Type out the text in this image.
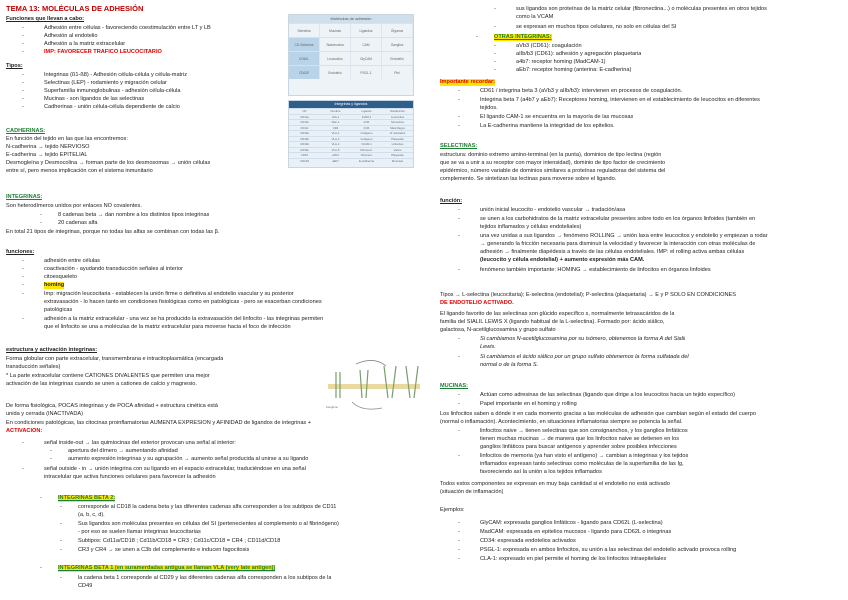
TEMA 13: MOLÉCULAS DE ADHESIÓN
Funciones que llevan a cabo:
-	Adhesión entre células - favoreciendo coestimulación entre LT y LB
-	Adhesión al endotelio
-	Adhesión a la matriz extracelular
-	IMP: FAVORECER TRÁFICO LEUCOCITARIO
Tipos:
-	Integrinas (ß1-ß8) - Adhesión célula-célula y célula-matriz
-	Selectinas (LEP) - rodamiento y migración celular
-	Superfamilia inmunoglobulinas - adhesión célula-célula
-	Mucinas - son ligandos de las selectinas
-	Cadherinas - unión célula-célula dependiente de calcio
CADHERINAS:
En función del tejido en las que las encontremos:
N-cadherina → tejido NERVIOSO
E-cadherina → tejido EPITELIAL
Desmogleína y Desmocolina → forman parte de los desmosomas → unión células
entre sí, pero menos implicación con el sistema inmunitario
INTEGRINAS:
Son heterodímeros unidos por enlaces NO covalentes.
-	8 cadenas beta → dan nombre a los distintos tipos integrinas
-	20 cadenas alfa
En total 21 tipos de integrinas, porque no todas las alfas se combinan con todas las β.
funciones:
-	adhesión entre células
-	coactivación - ayudando transducción señales al interior
-	citoesqueleto
-	homing
-	Imp: migración leucocitaria - establecen la unión firme o definitiva al endotelio vascular y su posterior
extravasación - lo hacen tanto en condiciones fisiológicas como en patológicas - pero se exacerban condiciones
patológicas
-	adhesión a la matriz extracelular - una vez se ha producido la extravasación del linfocito - las integrinas permiten
que el linfocito se una a moléculas de la matriz extracelular para moverse hacia el foco de infección
estructura y activación integrinas:
Forma globular con parte extracelular, transmembrana e intracitoplasmática (encargada
transducción señales)
* La parte extracelular contiene CATIONES DIVALENTES que permiten una mejor
activación de las integrinas cuando se unen a cationes de calcio y magnesio.
De forma fisiológica, POCAS integrinas y de POCA afinidad + estructura cinética está
unida y cerrada (INACTIVADA)
En condiciones patológicas, las citocinas proinflamatorias AUMENTA EXPRESIÓN y AFINIDAD de ligandos de integrinas +
ACTIVACIÓN:
-	señal inside-out → las quimiocinas del exterior provocan una señal al interior:
-	apertura del dímero → aumentando afinidad
-	aumento expresión integrinas y su agrupación → aumento señal producida al unirse a su ligando
-	señal outside - in → unión integrina con su ligando en el espacio extracelular, traduciéndose en una señal
intracelular que activa funciones celulares para favorecer la adhesión
-	INTEGRINAS BETA 2:
-	corresponde al CD18 la cadena beta y las diferentes cadenas alfa corresponden a los subtipos de CD11
(a, b, c, d).
-	Sus ligandos son moléculas presentes en células del SI (pertenecientes al complemento o al fibrinógeno)
- por eso se suelen llamar integrinas leucocitarias
-	Subtipos: Cd11a/CD18 ; Cd11b/CD18 = CR3 ; Cd11c/CD18 = CR4 ; CD11d/CD18
-	CR3 y CR4 → se unen a C3b del complemento e inducen fagocitosis
-	INTEGRINAS BETA 1 (en suramerdadas antigua se llaman VLA (very late antigen))
-	la cadena beta 1 corresponde al CD29 y las diferentes cadenas alfa corresponden a los subtipos de la
CD49
-	sus ligandos son proteínas de la matriz celular (fibronectina...) o moléculas presentes en otros tejidos
como la VCAM
-	se expresan en muchos tipos celulares, no solo en células del SI
-	OTRAS INTEGRINAS:
-	aVb3 (CD61): coagulación
-	aIIb/b3 (CD61): adhesión y agregación plaquetaria
-	a4b7: receptor homing (MadCAM-1)
-	aEb7: receptor homing (anterina: E-cadherina)
Importante recordar:
-	CD61 / integrina beta 3 (aVb3 y aIIb/b3): intervienen en procesos de coagulación.
-	Integrina beta 7 (a4b7 y aEb7): Receptores homing, intervienen en el establecimiento de leucocitos en diferentes
tejidos.
-	El ligando CAM-1 se encuentra en la mayoría de las mucosas
-	La E-cadherina mantiene la integridad de los epitelios.
SELECTINAS:
estructura: dominio extremo amino-terminal (en la punta), dominios de tipo lectina (región
que se va a unir a su receptor con mayor intensidad), dominio de tipo factor de crecimiento
epidérmico, número variable de dominios similares a proteínas reguladoras del sistema del
complemento. Se sintetizan las lectinas para moverse sobre el ligando.
función:
-	unión inicial leucocito - endotelio vascular → tradación/asa
-	se unen a los carbohidratos de la matriz extracelular presentes sobre todo en los órganos linfoides (también en
tejidos inflamados y células endoteliales)
-	una vez unidas a sus ligandos → fenómeno ROLLING → unión laxa entre leucocitos y endotelio y empiezan a rodar
→ generando la fricción necesaria para disminuir la velocidad y favorecer la interacción con otras moléculas de
adhesión → finalmente diapédesis a través de las células endoteliales. IMP: el rolling activa ambas células
(leucocito y célula endotelial) + aumento expresión más CAM.
-	fenómeno también importante: HOMING → establecimiento de linfocitos en órganos linfoides
Tipos → L-selectina (leucocitaria); E-selectina (endotelial); P-selectina (plaquetaria) → E y P SÓLO EN CONDICIONES
DE ENDOTELIO ACTIVADO.
El ligando favorito de las selectinas son glúcido específico s, normalmente tetrasacáridos de la
familia del SIALIL LEWIS X (ligando habitual de la L-selectina). Formado por: ácido siálico,
galactosa, N-acetilglucosamina y grupo sulfato
-	Si cambiamos N-acetilglucosamina por su isómero, obtenemos la forma A del Sialil
Lewis.
-	Si cambiamos el ácido siálico por un grupo sulfato obtenemos la forma sulfatada del
normal o de la forma S.
MUCINAS:
-	Actúan como adresinas de las selectinas (ligando que dirige a los leucocitos hacia un tejido específico)
-	Papel importante en el homing y rolling
Los linfocitos saben a dónde ir en cada momento gracias a las moléculas de adhesión que cambian según el estado del cuerpo
(normal o inflamación). Acontecimiento, en situaciones inflamatorias siempre se potencia la señal.
-	linfocitos naive → tienen selectinas que son consignanchos, y los ganglios linfáticos
tienen muchas mucinas → de manera que los linfocitos naive se detienen en los
ganglios linfáticos para buscar antígenos y aprender sobre posibles infecciones
-	linfocitos de memoria (ya han visto el antígeno) → cambian a integrinas y los tejidos
inflamados expresan tanto selectinas como moléculas de la superfamilia de las Ig,
favoreciendo así la unión a los tejidos inflamados
Todos estos componentes se expresan en muy baja cantidad si el endotelio no está activado
(situación de inflamación)
Ejemplos:
-	GlyCAM: expresada ganglios linfáticos - ligando para CD62L (L-selectina)
-	MadCAM: expresada en epitelios mucosos - ligando para CD62L o integrinas
-	CD34: expresada endotelios activados
-	PSGL-1: expresada en ambos linfocitos, su unión a las selectinas del endotelio activado provoca rolling
-	CLA-1: expresado en piel permite el homing de los linfocitos intraepiteliales
Moléculas de adhesión
Selectina	Mucinas	Ligandos	Órganos
CD-Selectina	Sialomucina	CAM	Ganglios
CD62L	Leucocitos	GlyCAM	Endotelio
CD62E	Endotelio	PSGL-1	Piel
Integrinas y ligandos
CD	Nombre	Ligando	Distribución
CD11a	LFA-1	ICAM-1	Leucocitos
CD11b	Mac-1	iC3b	Monocitos
CD11c	CR4	iC3b	Macrófagos
CD49a	VLA-1	Colágeno	LT activados
CD49b	VLA-2	Colágeno	Plaquetas
CD49d	VLA-4	VCAM-1	Linfocitos
CD49e	VLA-5	Fibronect.	Varios
CD61	aVb3	Vitronect.	Plaquetas
CD103	aEb7	E-cadherina	Mucosas
integrina
